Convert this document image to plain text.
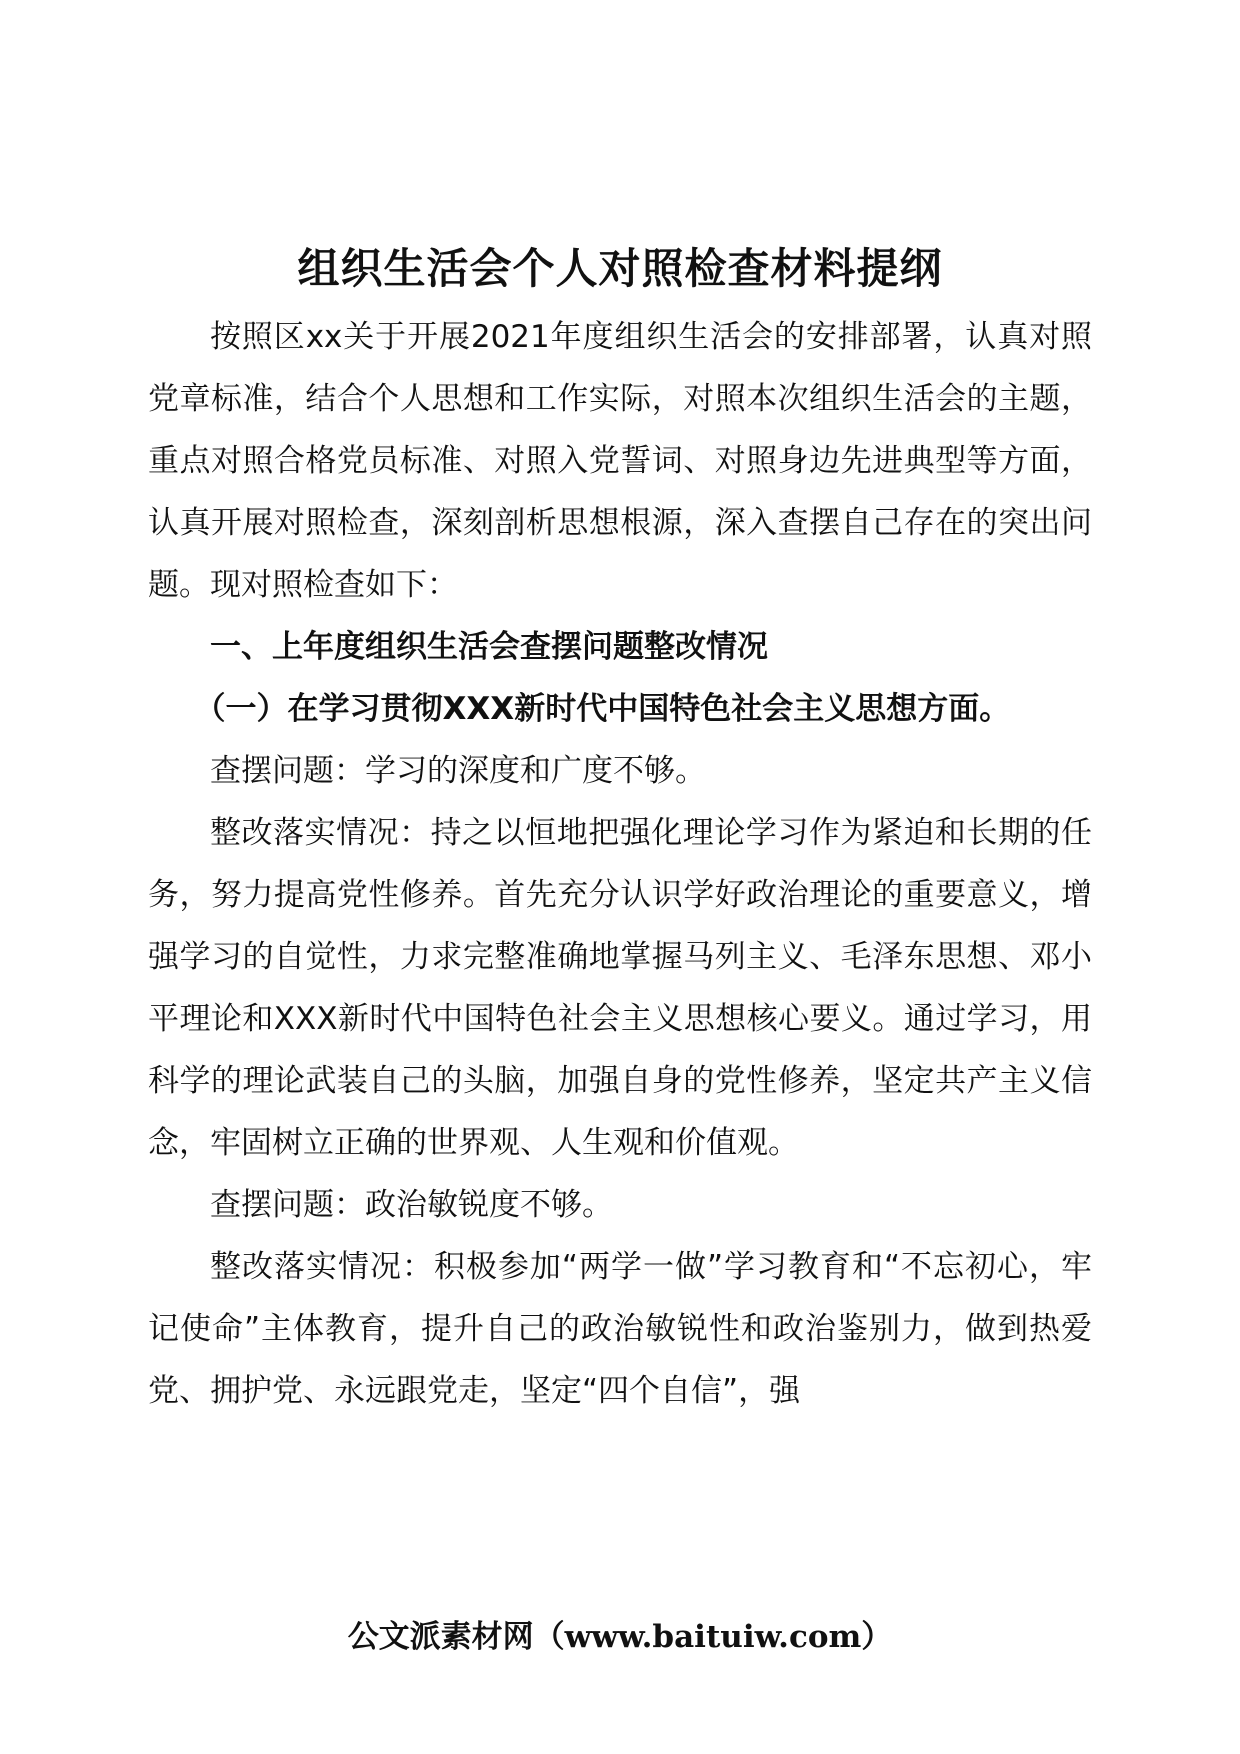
组织生活会个人对照检查材料提纲

按照区xx关于开展2021年度组织生活会的安排部署，认真对照党章标准，结合个人思想和工作实际，对照本次组织生活会的主题，重点对照合格党员标准、对照入党誓词、对照身边先进典型等方面，认真开展对照检查，深刻剖析思想根源，深入查摆自己存在的突出问题。现对照检查如下：

一、上年度组织生活会查摆问题整改情况

（一）在学习贯彻XXX新时代中国特色社会主义思想方面。

查摆问题：学习的深度和广度不够。

整改落实情况：持之以恒地把强化理论学习作为紧迫和长期的任务，努力提高党性修养。首先充分认识学好政治理论的重要意义，增强学习的自觉性，力求完整准确地掌握马列主义、毛泽东思想、邓小平理论和XXX新时代中国特色社会主义思想核心要义。通过学习，用科学的理论武装自己的头脑，加强自身的党性修养，坚定共产主义信念，牢固树立正确的世界观、人生观和价值观。

查摆问题：政治敏锐度不够。

整改落实情况：积极参加“两学一做”学习教育和“不忘初心，牢记使命”主体教育，提升自己的政治敏锐性和政治鉴别力，做到热爱党、拥护党、永远跟党走，坚定“四个自信”，强

公文派素材网（www.baituiw.com）
